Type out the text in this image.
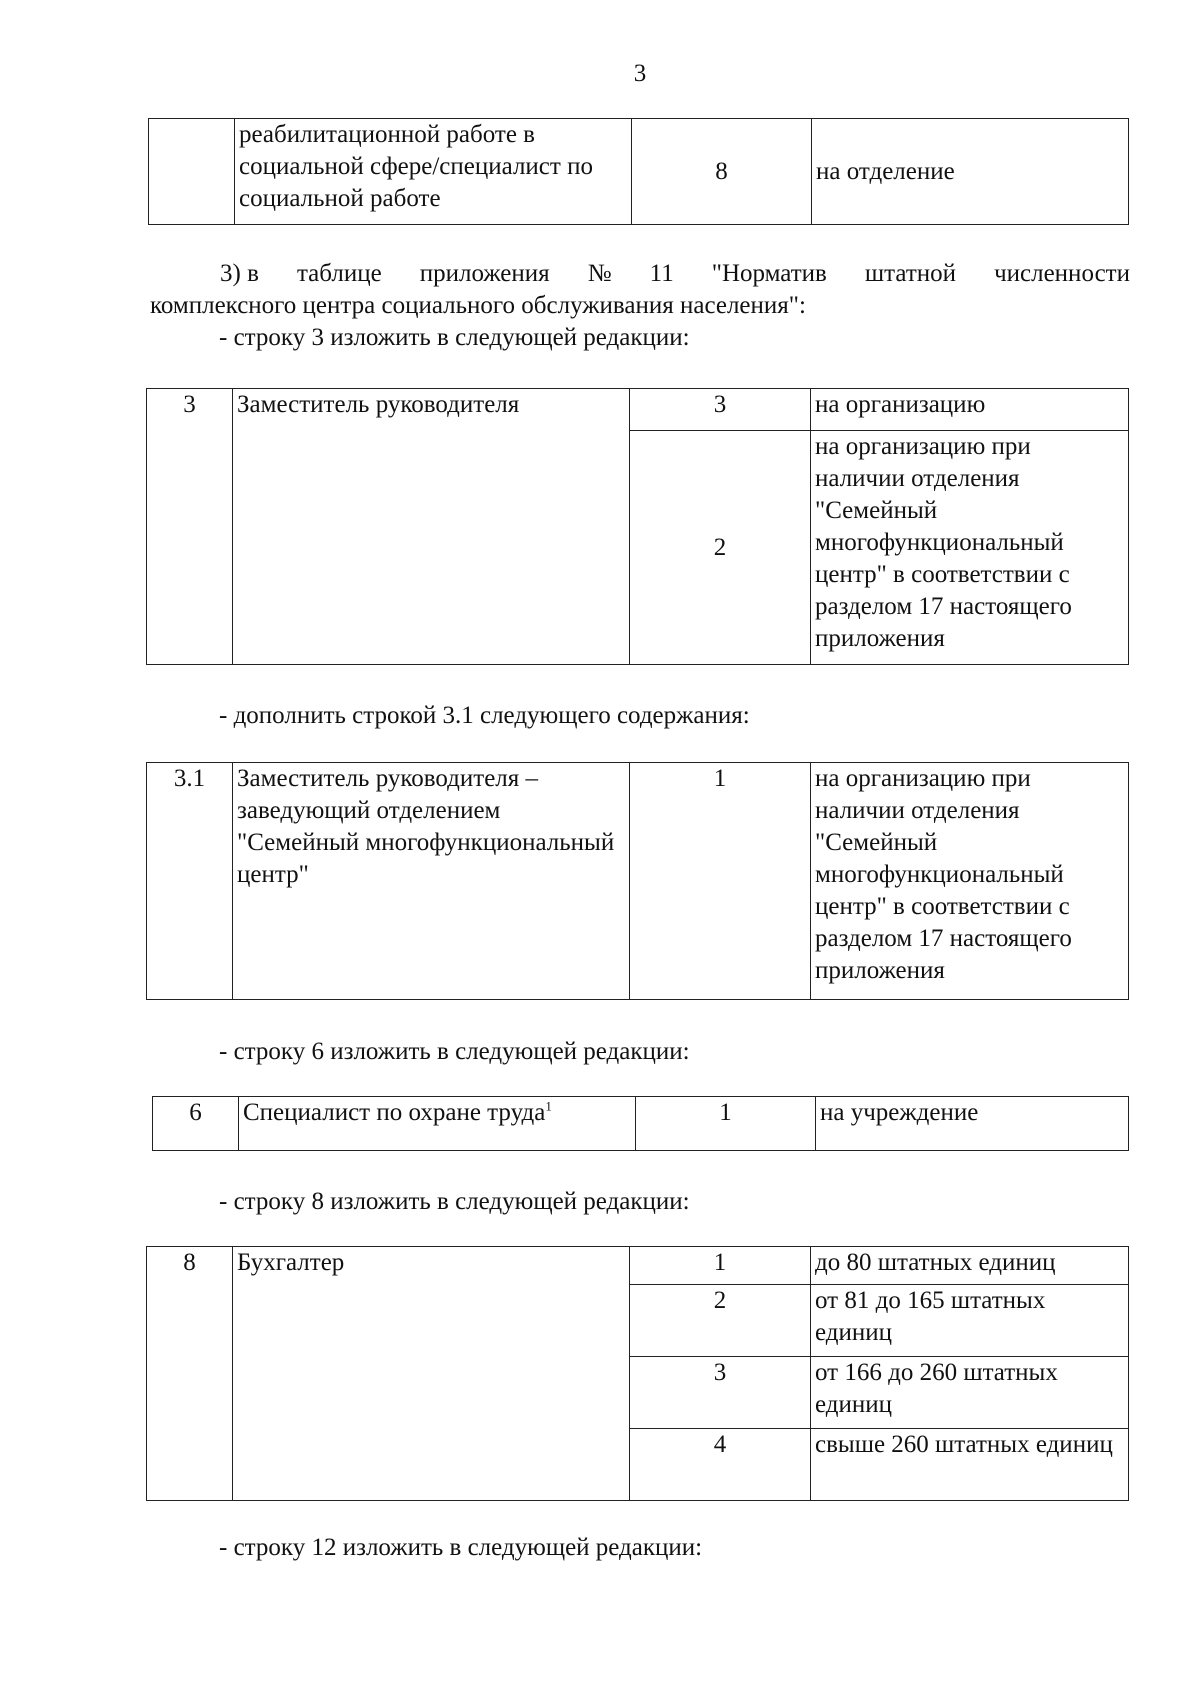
3
	реабилитационной работе в социальной сфере/специалист по социальной работе	8	на отделение
3) в таблице приложения № 11 "Норматив штатной численности
комплексного центра социального обслуживания населения":
- строку 3 изложить в следующей редакции:
3	Заместитель руководителя	3	на организацию
		2	на организацию при наличии отделения "Семейный многофункциональный центр" в соответствии с разделом 17 настоящего приложения
- дополнить строкой 3.1 следующего содержания:
3.1	Заместитель руководителя – заведующий отделением "Семейный многофункциональный центр"	1	на организацию при наличии отделения "Семейный многофункциональный центр" в соответствии с разделом 17 настоящего приложения
- строку 6 изложить в следующей редакции:
6	Специалист по охране труда$^1$	1	на учреждение
- строку 8 изложить в следующей редакции:
8	Бухгалтер	1	до 80 штатных единиц
		2	от 81 до 165 штатных единиц
		3	от 166 до 260 штатных единиц
		4	свыше 260 штатных единиц
- строку 12 изложить в следующей редакции:
